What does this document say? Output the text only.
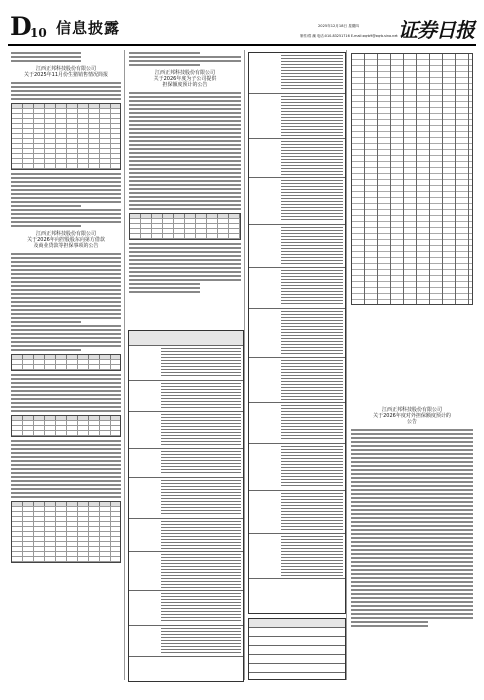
D
10 信息披露	2025年12月18日 星期四
制作/郑 澜 电话:010-83251716 E-mail:zqrb9@zqrb.sina.net 证券日报
江西正邦科技股份有限公司
关于2025年11月份生猪销售情况简报
江西正邦科技股份有限公司
关于2026年向控股股东向第方借款
及商业贷款等担保事项的公告
江西正邦科技股份有限公司
关于2026年度为子公司提供
担保额度预计的公告
江西正邦科技股份有限公司
关于2026年度对外担保额度预计的
公告
